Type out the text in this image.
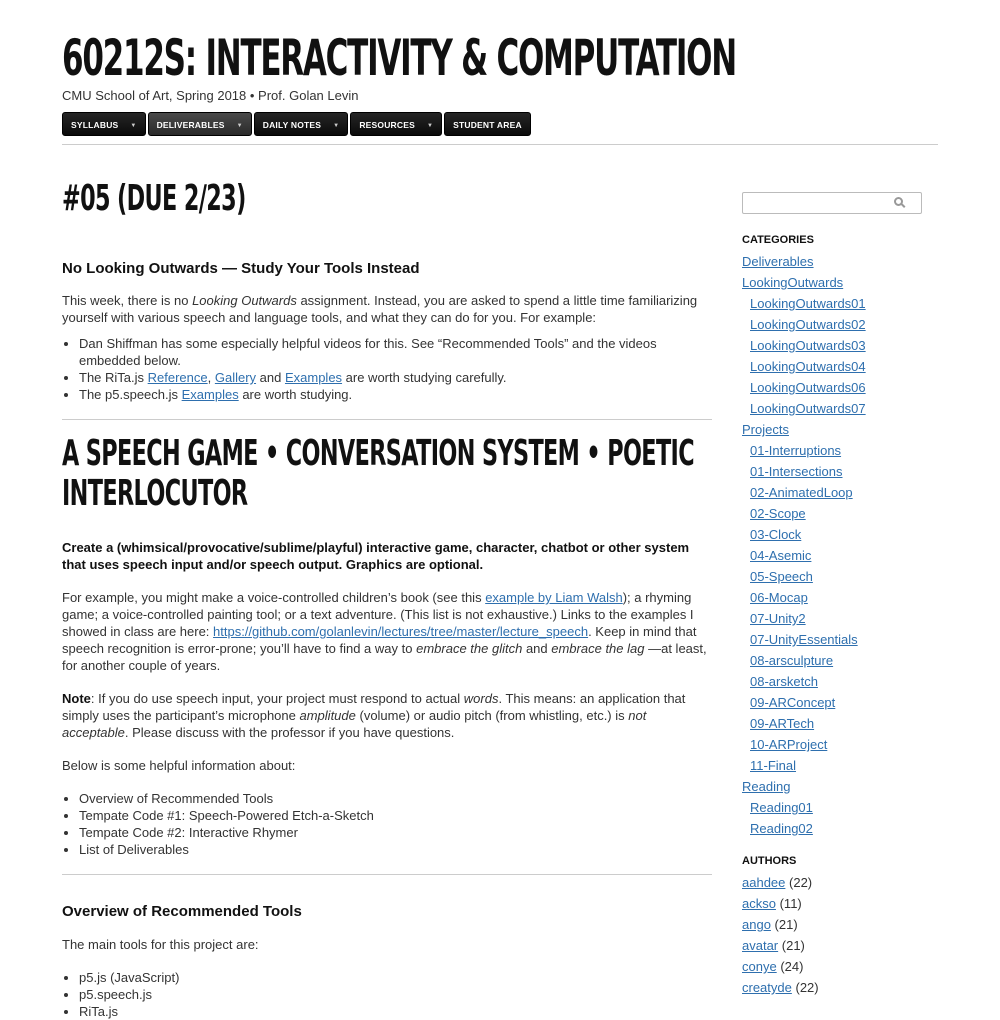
60212S: INTERACTIVITY & COMPUTATION
CMU School of Art, Spring 2018 • Prof. Golan Levin
SYLLABUS ▼	DELIVERABLES ▼	DAILY NOTES ▼	RESOURCES ▼	STUDENT AREA
#05 (DUE 2/23)
No Looking Outwards — Study Your Tools Instead

This week, there is no Looking Outwards assignment. Instead, you are asked to spend a little time familiarizing yourself with various speech and language tools, and what they can do for you. For example:

• Dan Shiffman has some especially helpful videos for this. See “Recommended Tools” and the videos embedded below.
• The RiTa.js Reference, Gallery and Examples are worth studying carefully.
• The p5.speech.js Examples are worth studying.
A SPEECH GAME • CONVERSATION SYSTEM • POETIC
INTERLOCUTOR

Create a (whimsical/provocative/sublime/playful) interactive game, character, chatbot or other system that uses speech input and/or speech output. Graphics are optional.

For example, you might make a voice-controlled children’s book (see this example by Liam Walsh); a rhyming game; a voice-controlled painting tool; or a text adventure. (This list is not exhaustive.) Links to the examples I showed in class are here: https://github.com/golanlevin/lectures/tree/master/lecture_speech. Keep in mind that speech recognition is error-prone; you’ll have to find a way to embrace the glitch and embrace the lag —at least, for another couple of years.

Note: If you do use speech input, your project must respond to actual words. This means: an application that simply uses the participant’s microphone amplitude (volume) or audio pitch (from whistling, etc.) is not acceptable. Please discuss with the professor if you have questions.

Below is some helpful information about:

• Overview of Recommended Tools
• Tempate Code #1: Speech-Powered Etch-a-Sketch
• Tempate Code #2: Interactive Rhymer
• List of Deliverables
Overview of Recommended Tools

The main tools for this project are:

• p5.js (JavaScript)
• p5.speech.js
• RiTa.js
CATEGORIES
Deliverables
LookingOutwards
LookingOutwards01
LookingOutwards02
LookingOutwards03
LookingOutwards04
LookingOutwards06
LookingOutwards07
Projects
01-Interruptions
01-Intersections
02-AnimatedLoop
02-Scope
03-Clock
04-Asemic
05-Speech
06-Mocap
07-Unity2
07-UnityEssentials
08-arsculpture
08-arsketch
09-ARConcept
09-ARTech
10-ARProject
11-Final
Reading
Reading01
Reading02
AUTHORS
aahdee (22)
ackso (11)
ango (21)
avatar (21)
conye (24)
creatyde (22)
